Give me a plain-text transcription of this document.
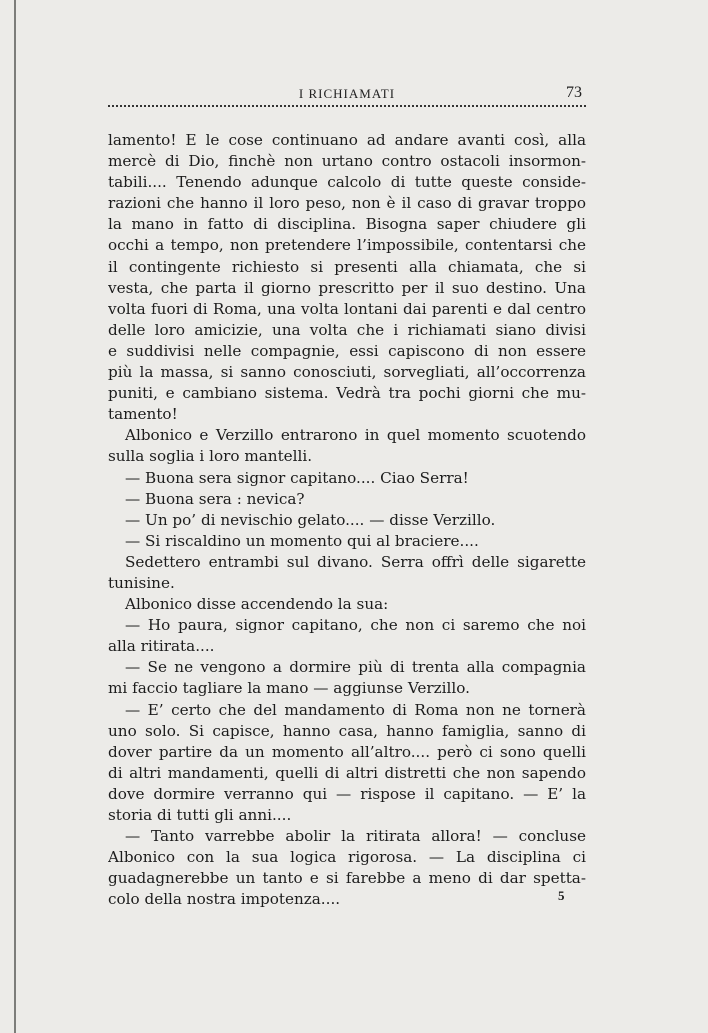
I RICHIAMATI	73
lamento! E le cose continuano ad andare avanti così, alla
mercè di Dio, finchè non urtano contro ostacoli insormon-
tabili.... Tenendo adunque calcolo di tutte queste conside-
razioni che hanno il loro peso, non è il caso di gravar troppo
la mano in fatto di disciplina. Bisogna saper chiudere gli
occhi a tempo, non pretendere l’impossibile, contentarsi che
il contingente richiesto si presenti alla chiamata, che si
vesta, che parta il giorno prescritto per il suo destino. Una
volta fuori di Roma, una volta lontani dai parenti e dal centro
delle loro amicizie, una volta che i richiamati siano divisi
e suddivisi nelle compagnie, essi capiscono di non essere
più la massa, si sanno conosciuti, sorvegliati, all’occorrenza
puniti, e cambiano sistema. Vedrà tra pochi giorni che mu-
tamento!
Albonico e Verzillo entrarono in quel momento scuotendo
sulla soglia i loro mantelli.
— Buona sera signor capitano.... Ciao Serra!
— Buona sera : nevica?
— Un po’ di nevischio gelato.... — disse Verzillo.
— Si riscaldino un momento qui al braciere....
Sedettero entrambi sul divano. Serra offrì delle sigarette
tunisine.
Albonico disse accendendo la sua:
— Ho paura, signor capitano, che non ci saremo che noi
alla ritirata....
— Se ne vengono a dormire più di trenta alla compagnia
mi faccio tagliare la mano — aggiunse Verzillo.
— E’ certo che del mandamento di Roma non ne tornerà
uno solo. Si capisce, hanno casa, hanno famiglia, sanno di
dover partire da un momento all’altro.... però ci sono quelli
di altri mandamenti, quelli di altri distretti che non sapendo
dove dormire verranno qui — rispose il capitano. — E’ la
storia di tutti gli anni....
— Tanto varrebbe abolir la ritirata allora! — concluse
Albonico con la sua logica rigorosa. — La disciplina ci
guadagnerebbe un tanto e si farebbe a meno di dar spetta-
colo della nostra impotenza....	5
